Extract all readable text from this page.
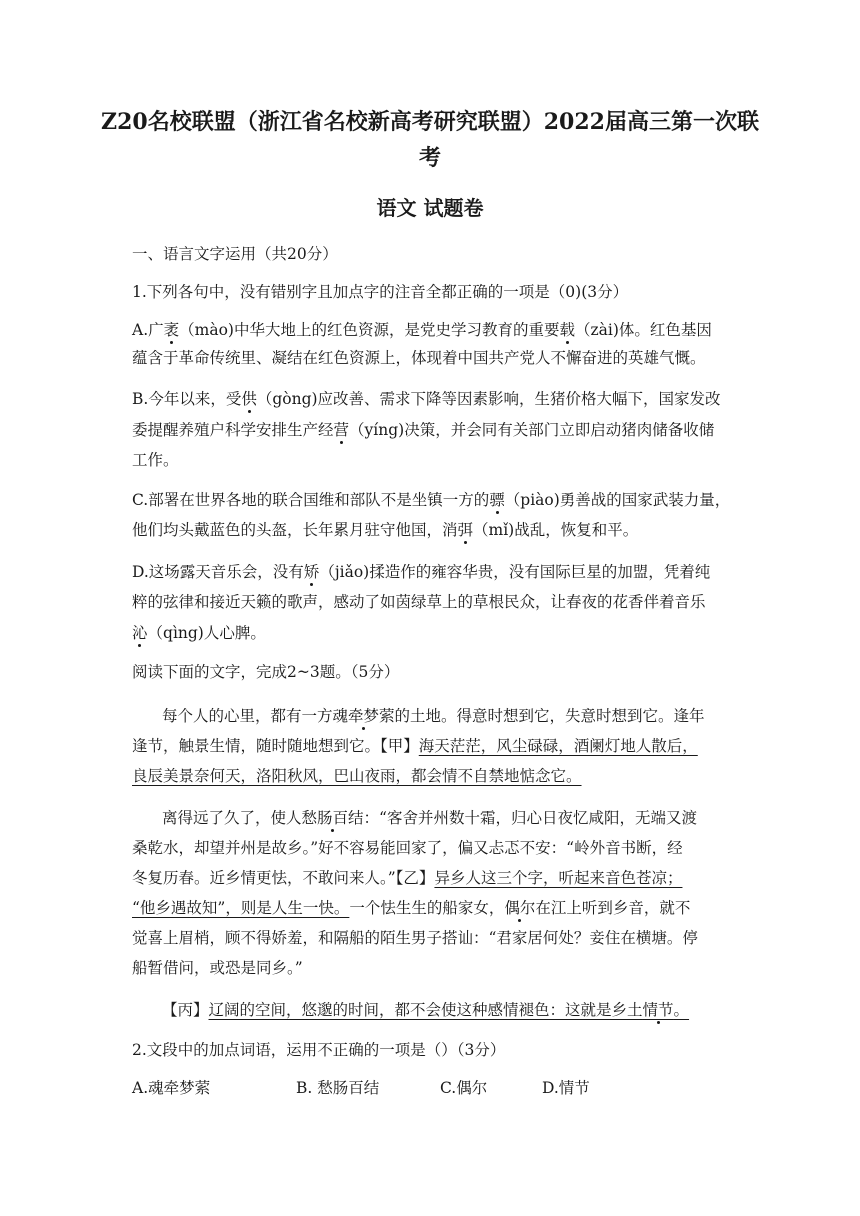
Z20名校联盟（浙江省名校新高考研究联盟）2022届高三第一次联
考
语文 试题卷
一、语言文字运用（共20分）
1.下列各句中，没有错别字且加点字的注音全都正确的一项是（0)(3分）
A.广袤（mào)中华大地上的红色资源，是党史学习教育的重要载（zài)体。红色基因
蕴含于革命传统里、凝结在红色资源上，体现着中国共产党人不懈奋进的英雄气慨。
B.今年以来，受供（gòng)应改善、需求下降等因素影响，生猪价格大幅下，国家发改
委提醒养殖户科学安排生产经营（yíng)决策，并会同有关部门立即启动猪肉储备收储
工作。
C.部署在世界各地的联合国维和部队不是坐镇一方的骠（piào)勇善战的国家武装力量，
他们均头戴蓝色的头盔，长年累月驻守他国，消弭（mǐ)战乱，恢复和平。
D.这场露天音乐会，没有矫（jiǎo)揉造作的雍容华贵，没有国际巨星的加盟，凭着纯
粹的弦律和接近天籁的歌声，感动了如茵绿草上的草根民众，让春夜的花香伴着音乐
沁（qìng)人心脾。
阅读下面的文字，完成2~3题。（5分）
每个人的心里，都有一方魂牵梦萦的土地。得意时想到它，失意时想到它。逢年
逢节，触景生情，随时随地想到它。【甲】海天茫茫，风尘碌碌，酒阑灯地人散后，
良辰美景奈何天，洛阳秋风，巴山夜雨，都会情不自禁地惦念它。
离得远了久了，使人愁肠百结：“客舍并州数十霜，归心日夜忆咸阳，无端又渡
桑乾水，却望并州是故乡。”好不容易能回家了，偏又忐忑不安：“岭外音书断，经
冬复历春。近乡情更怯，不敢问来人。”【乙】异乡人这三个字，听起来音色苍凉；
“他乡遇故知”，则是人生一快。一个怯生生的船家女，偶尔在江上听到乡音，就不
觉喜上眉梢，顾不得娇羞，和隔船的陌生男子搭讪：“君家居何处？妾住在横塘。停
船暂借问，或恐是同乡。”
【丙】辽阔的空间，悠邈的时间，都不会使这种感情褪色：这就是乡土情节。
2.文段中的加点词语，运用不正确的一项是（）（3分）
A.魂牵梦萦	B. 愁肠百结	C.偶尔	D.情节
